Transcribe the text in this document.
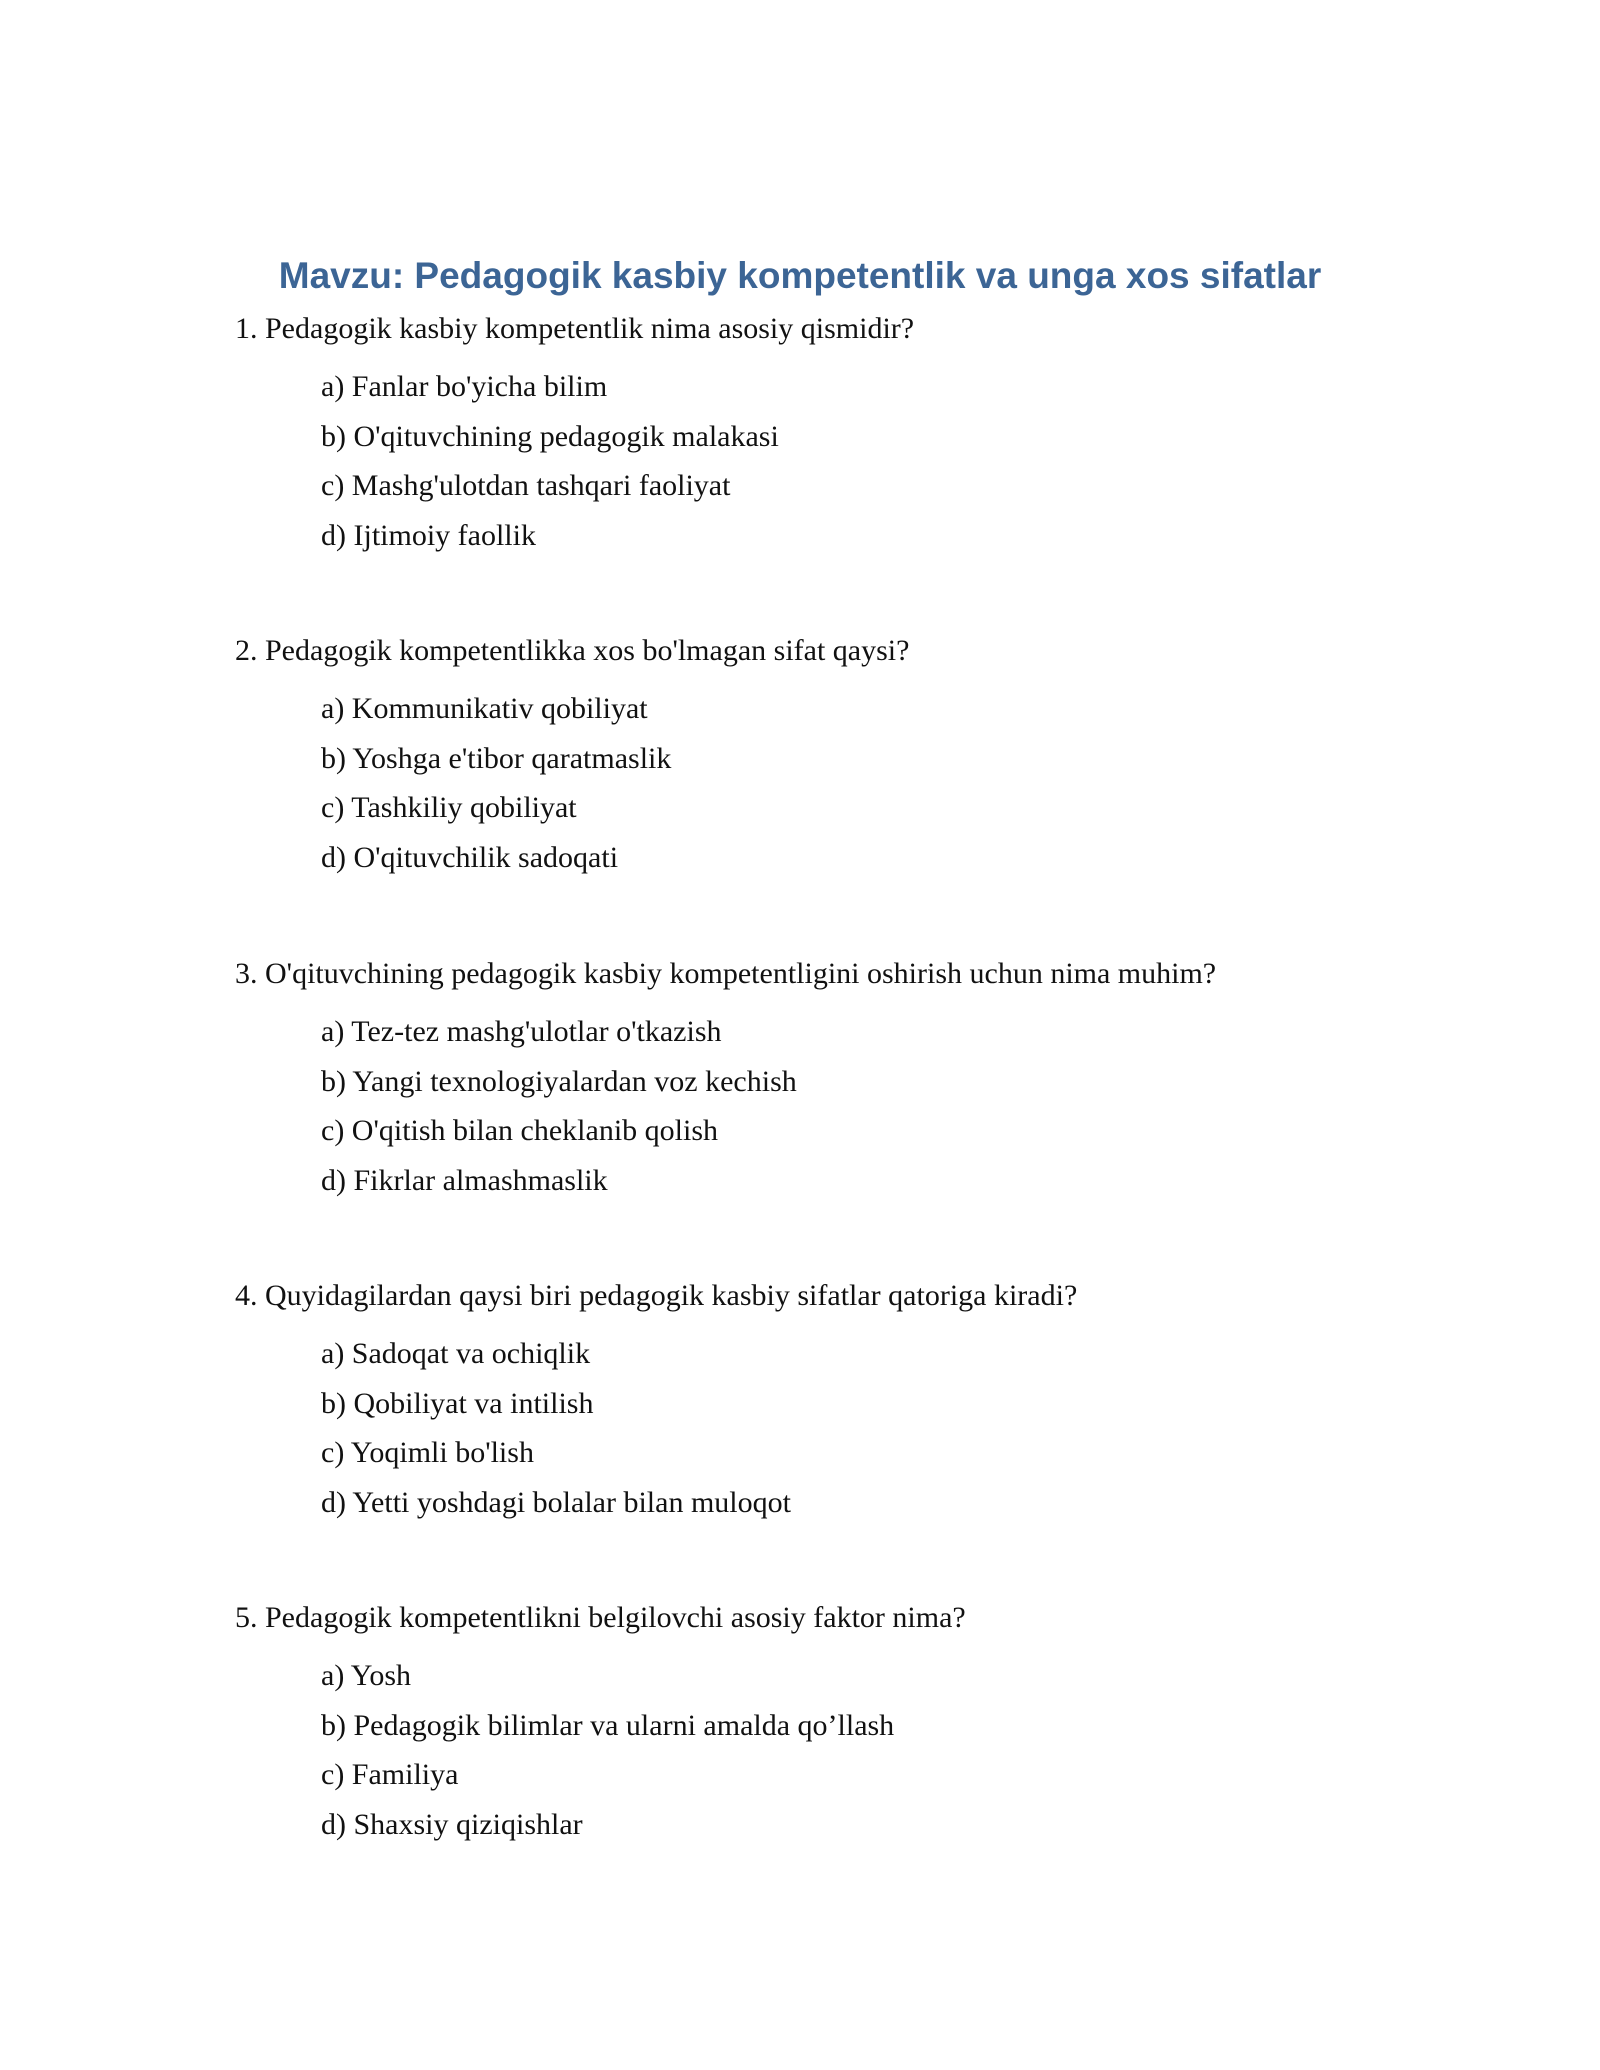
Mavzu: Pedagogik kasbiy kompetentlik va unga xos sifatlar

1. Pedagogik kasbiy kompetentlik nima asosiy qismidir?

a) Fanlar bo'yicha bilim
b) O'qituvchining pedagogik malakasi
c) Mashg'ulotdan tashqari faoliyat
d) Ijtimoiy faollik

2. Pedagogik kompetentlikka xos bo'lmagan sifat qaysi?

a) Kommunikativ qobiliyat
b) Yoshga e'tibor qaratmaslik
c) Tashkiliy qobiliyat
d) O'qituvchilik sadoqati

3. O'qituvchining pedagogik kasbiy kompetentligini oshirish uchun nima muhim?

a) Tez-tez mashg'ulotlar o'tkazish
b) Yangi texnologiyalardan voz kechish
c) O'qitish bilan cheklanib qolish
d) Fikrlar almashmaslik

4. Quyidagilardan qaysi biri pedagogik kasbiy sifatlar qatoriga kiradi?

a) Sadoqat va ochiqlik
b) Qobiliyat va intilish
c) Yoqimli bo'lish
d) Yetti yoshdagi bolalar bilan muloqot

5. Pedagogik kompetentlikni belgilovchi asosiy faktor nima?

a) Yosh
b) Pedagogik bilimlar va ularni amalda qo’llash
c) Familiya
d) Shaxsiy qiziqishlar
